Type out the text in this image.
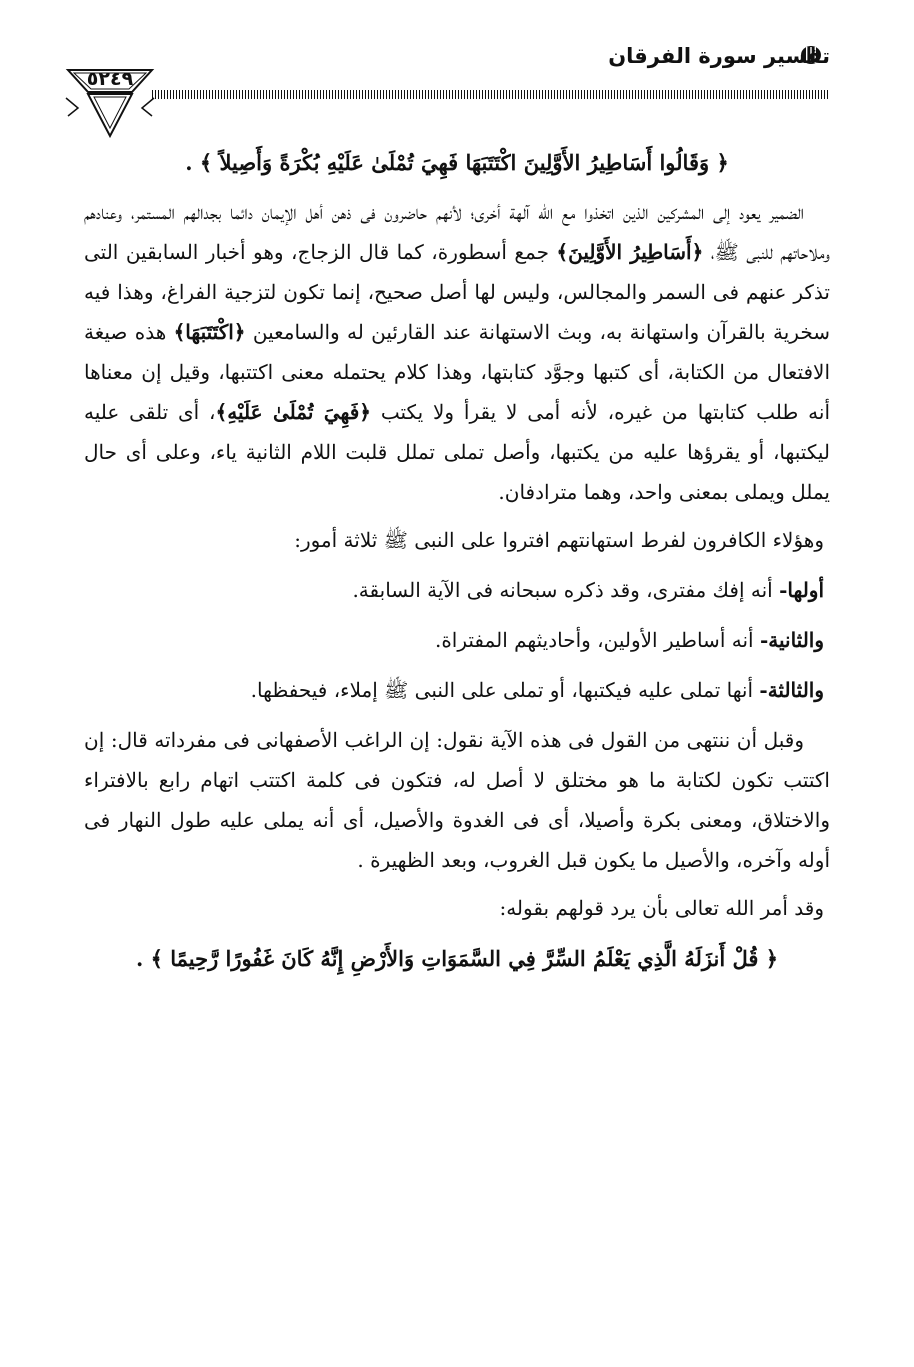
تفسير سورة الفرقان
٥٢٤٩

﴿ وَقَالُوا أَسَاطِيرُ الأَوَّلِينَ اكْتَتَبَهَا فَهِيَ تُمْلَىٰ عَلَيْهِ بُكْرَةً وَأَصِيلاً ﴾ .

الضمير يعود إلى المشركين الذين اتخذوا مع الله آلهة أخرى؛ لأنهم حاضرون فى ذهن أهل الإيمان دائما بجدالهم المستمر، وعنادهم وملاحاتهم للنبى ﷺ، ﴿أَسَاطِيرُ الأَوَّلِينَ﴾ جمع أسطورة، كما قال الزجاج، وهو أخبار السابقين التى تذكر عنهم فى السمر والمجالس، وليس لها أصل صحيح، إنما تكون لتزجية الفراغ، وهذا فيه سخرية بالقرآن واستهانة به، وبث الاستهانة عند القارئين له والسامعين ﴿اكْتَتَبَهَا﴾ هذه صيغة الافتعال من الكتابة، أى كتبها وجوَّد كتابتها، وهذا كلام يحتمله معنى اكتتبها، وقيل إن معناها أنه طلب كتابتها من غيره، لأنه أمى لا يقرأ ولا يكتب ﴿فَهِيَ تُمْلَىٰ عَلَيْهِ﴾، أى تلقى عليه ليكتبها، أو يقرؤها عليه من يكتبها، وأصل تملى تملل قلبت اللام الثانية ياء، وعلى أى حال يملل ويملى بمعنى واحد، وهما مترادفان.

وهؤلاء الكافرون لفرط استهانتهم افتروا على النبى ﷺ ثلاثة أمور:

أولها- أنه إفك مفترى، وقد ذكره سبحانه فى الآية السابقة.

والثانية- أنه أساطير الأولين، وأحاديثهم المفتراة.

والثالثة- أنها تملى عليه فيكتبها، أو تملى على النبى ﷺ إملاء، فيحفظها.

وقبل أن ننتهى من القول فى هذه الآية نقول: إن الراغب الأصفهانى فى مفرداته قال: إن اكتتب تكون لكتابة ما هو مختلق لا أصل له، فتكون فى كلمة اكتتب اتهام رابع بالافتراء والاختلاق، ومعنى بكرة وأصيلا، أى فى الغدوة والأصيل، أى أنه يملى عليه طول النهار فى أوله وآخره، والأصيل ما يكون قبل الغروب، وبعد الظهيرة .

وقد أمر الله تعالى بأن يرد قولهم بقوله:

﴿ قُلْ أَنزَلَهُ الَّذِي يَعْلَمُ السِّرَّ فِي السَّمَوَاتِ وَالأَرْضِ إِنَّهُ كَانَ غَفُورًا رَّحِيمًا ﴾ .
